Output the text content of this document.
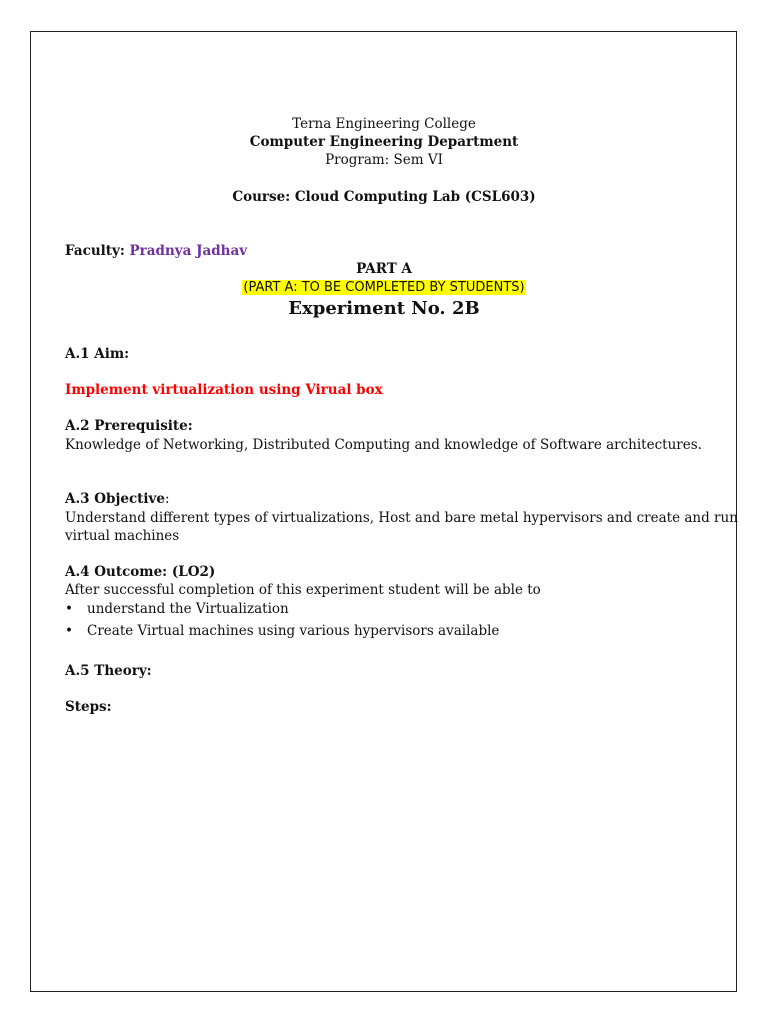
Terna Engineering College
Computer Engineering Department
Program: Sem VI
Course: Cloud Computing Lab (CSL603)
Faculty: Pradnya Jadhav
PART A
(PART A: TO BE COMPLETED BY STUDENTS)
Experiment No. 2B
A.1 Aim:
Implement virtualization using Virual box
A.2 Prerequisite:
Knowledge of Networking, Distributed Computing and knowledge of Software architectures.
A.3 Objective:
Understand different types of virtualizations, Host and bare metal hypervisors and create and run
virtual machines
A.4 Outcome: (LO2)
After successful completion of this experiment student will be able to
• understand the Virtualization
• Create Virtual machines using various hypervisors available
A.5 Theory:
Steps:
